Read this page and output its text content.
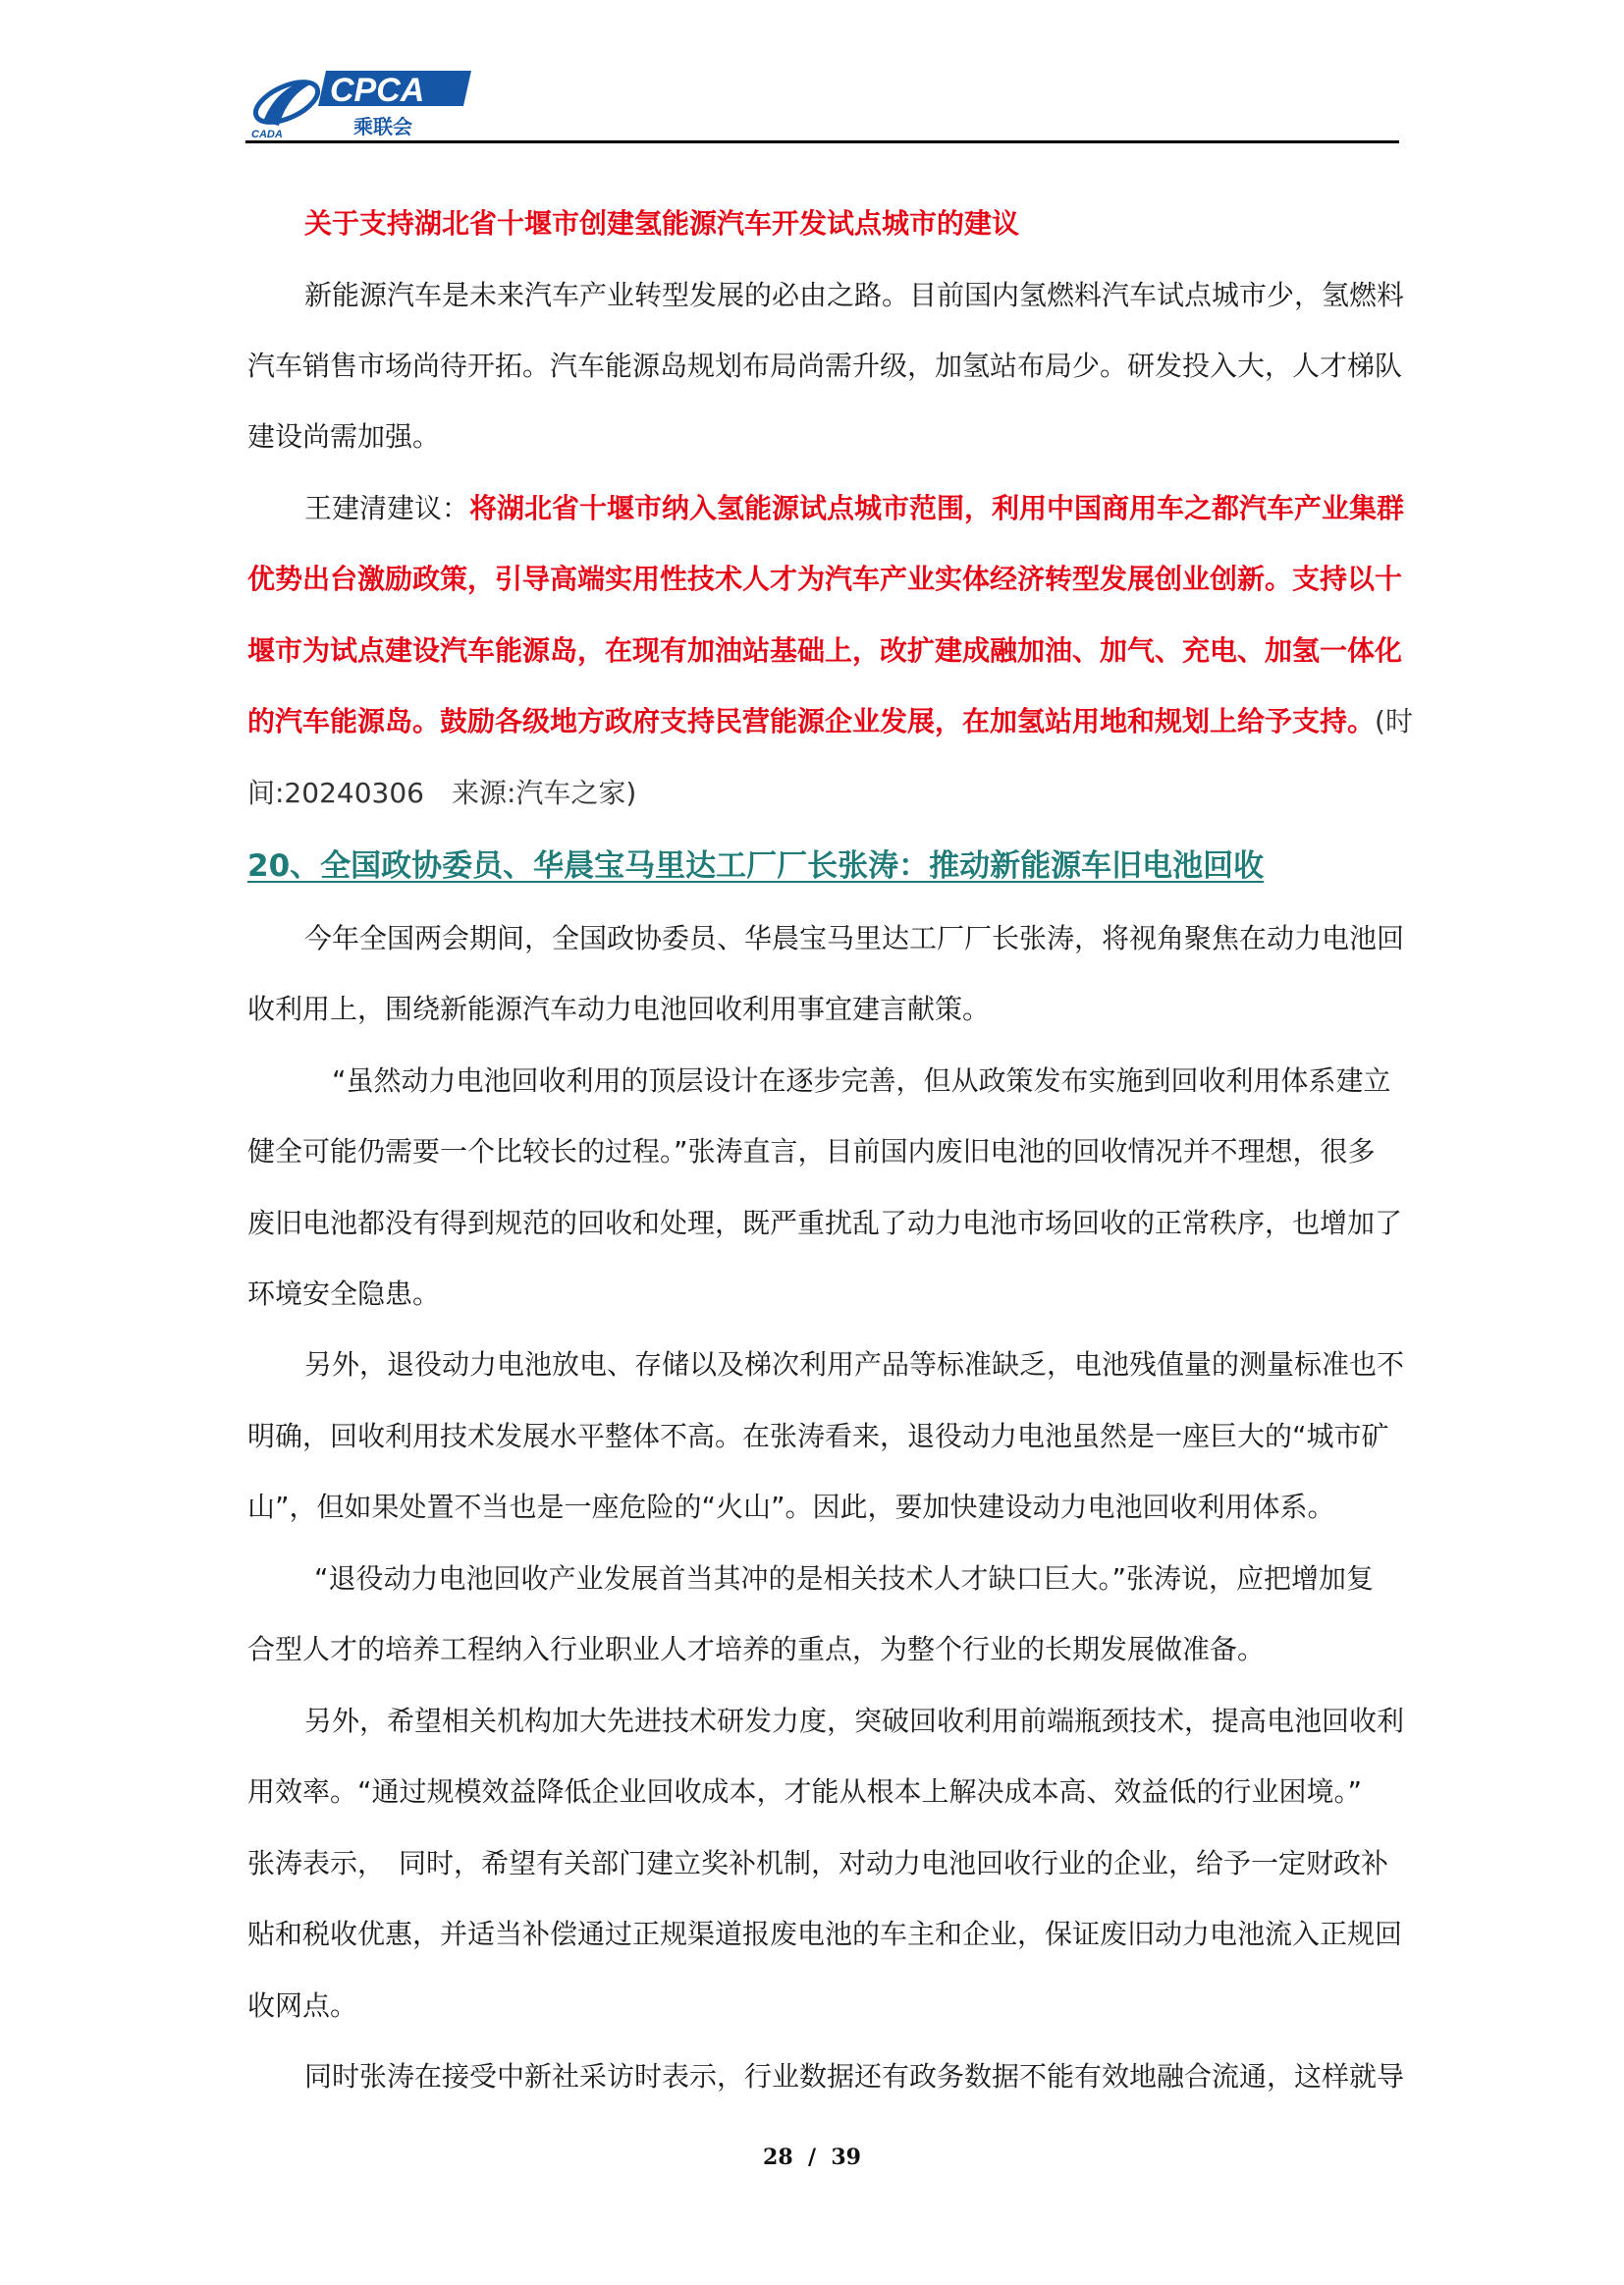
CADA
CPCA
乘联会
关于支持湖北省十堰市创建氢能源汽车开发试点城市的建议
新能源汽车是未来汽车产业转型发展的必由之路。目前国内氢燃料汽车试点城市少，氢燃料
汽车销售市场尚待开拓。汽车能源岛规划布局尚需升级，加氢站布局少。研发投入大，人才梯队
建设尚需加强。
王建清建议：将湖北省十堰市纳入氢能源试点城市范围，利用中国商用车之都汽车产业集群
优势出台激励政策，引导高端实用性技术人才为汽车产业实体经济转型发展创业创新。支持以十
堰市为试点建设汽车能源岛，在现有加油站基础上，改扩建成融加油、加气、充电、加氢一体化
的汽车能源岛。鼓励各级地方政府支持民营能源企业发展，在加氢站用地和规划上给予支持。(时
间:20240306　来源:汽车之家)
20、全国政协委员、华晨宝马里达工厂厂长张涛：推动新能源车旧电池回收
今年全国两会期间，全国政协委员、华晨宝马里达工厂厂长张涛，将视角聚焦在动力电池回
收利用上，围绕新能源汽车动力电池回收利用事宜建言献策。
“虽然动力电池回收利用的顶层设计在逐步完善，但从政策发布实施到回收利用体系建立
健全可能仍需要一个比较长的过程。”张涛直言，目前国内废旧电池的回收情况并不理想，很多
废旧电池都没有得到规范的回收和处理，既严重扰乱了动力电池市场回收的正常秩序，也增加了
环境安全隐患。
另外，退役动力电池放电、存储以及梯次利用产品等标准缺乏，电池残值量的测量标准也不
明确，回收利用技术发展水平整体不高。在张涛看来，退役动力电池虽然是一座巨大的“城市矿
山”，但如果处置不当也是一座危险的“火山”。因此，要加快建设动力电池回收利用体系。
“退役动力电池回收产业发展首当其冲的是相关技术人才缺口巨大。”张涛说，应把增加复
合型人才的培养工程纳入行业职业人才培养的重点，为整个行业的长期发展做准备。
另外，希望相关机构加大先进技术研发力度，突破回收利用前端瓶颈技术，提高电池回收利
用效率。“通过规模效益降低企业回收成本，才能从根本上解决成本高、效益低的行业困境。”
张涛表示，　同时，希望有关部门建立奖补机制，对动力电池回收行业的企业，给予一定财政补
贴和税收优惠，并适当补偿通过正规渠道报废电池的车主和企业，保证废旧动力电池流入正规回
收网点。
同时张涛在接受中新社采访时表示，行业数据还有政务数据不能有效地融合流通，这样就导
28 / 39
